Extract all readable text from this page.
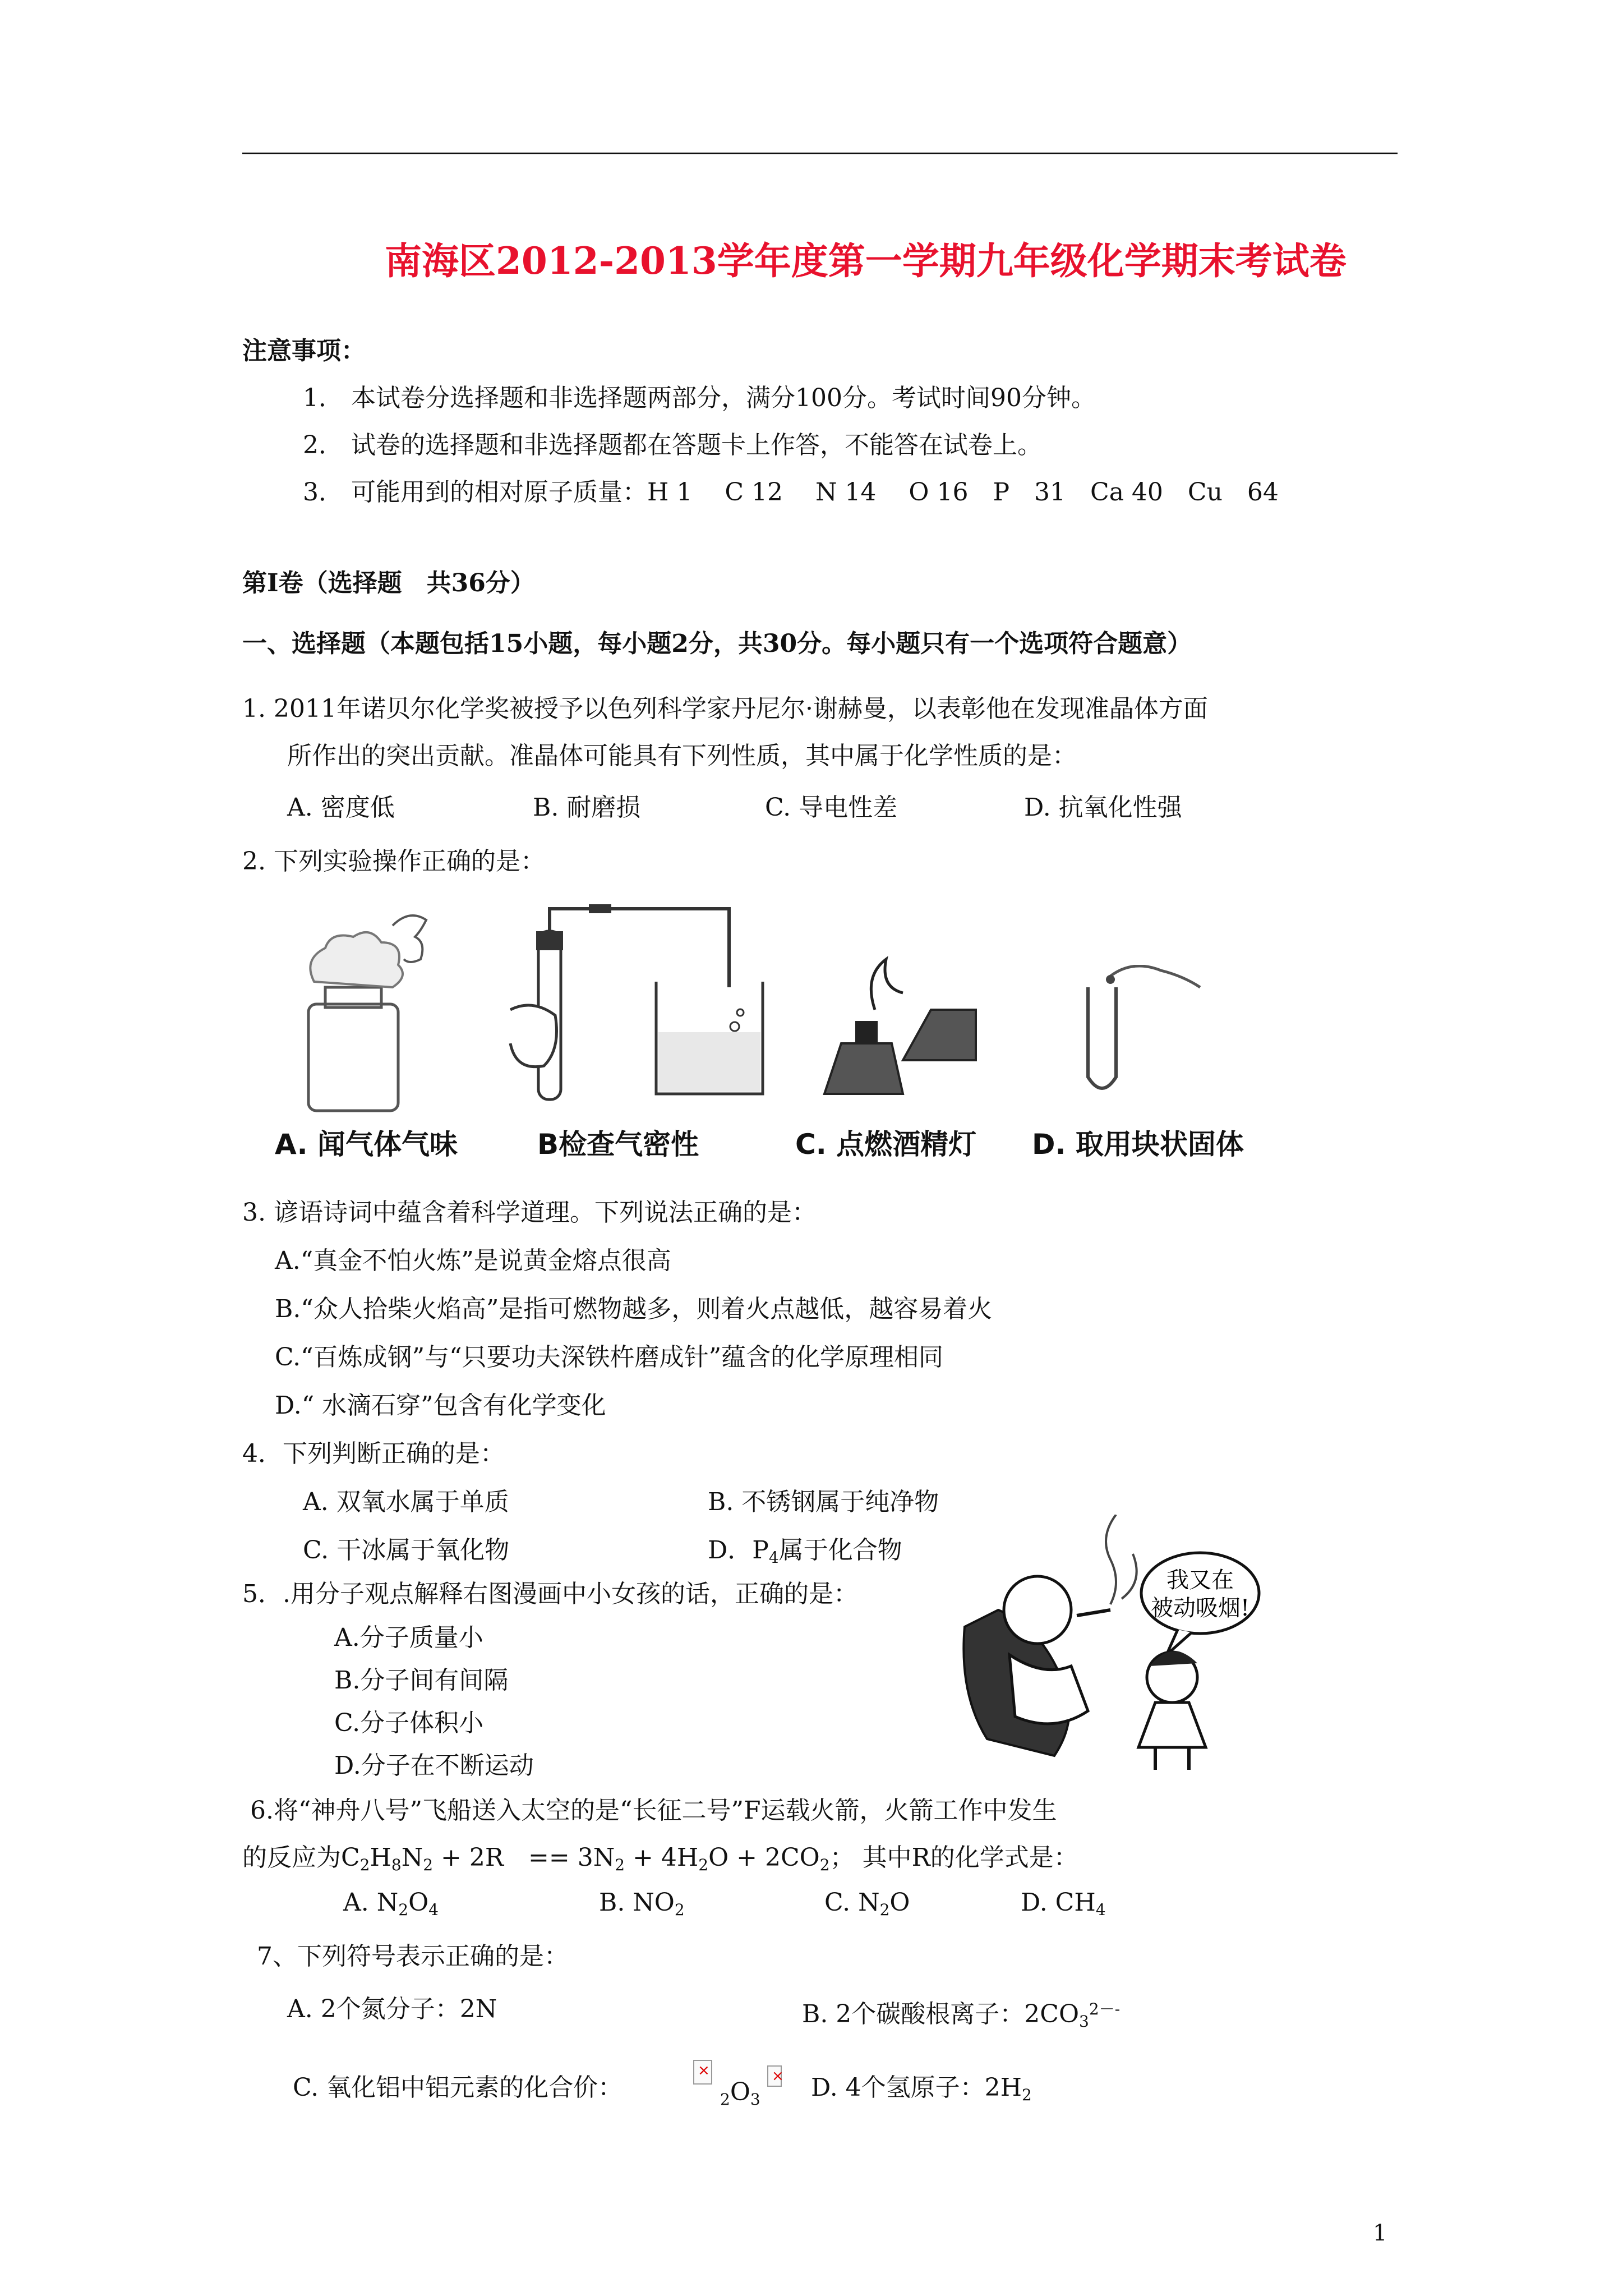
南海区2012-2013学年度第一学期九年级化学期末考试卷
注意事项：
1． 本试卷分选择题和非选择题两部分，满分100分。考试时间90分钟。
2． 试卷的选择题和非选择题都在答题卡上作答，不能答在试卷上。
3． 可能用到的相对原子质量：H 1　 C 12　 N 14　 O 16　P　31　Ca 40　Cu　64
第Ⅰ卷（选择题　共36分）
一、选择题（本题包括15小题，每小题2分，共30分。每小题只有一个选项符合题意）
1. 2011年诺贝尔化学奖被授予以色列科学家丹尼尔·谢赫曼，以表彰他在发现准晶体方面
所作出的突出贡献。准晶体可能具有下列性质，其中属于化学性质的是：
A. 密度低	B. 耐磨损	C. 导电性差	D. 抗氧化性强
2. 下列实验操作正确的是：
A. 闻气体气味	B检查气密性	C. 点燃酒精灯 D. 取用块状固体
3. 谚语诗词中蕴含着科学道理。下列说法正确的是：
A.“真金不怕火炼”是说黄金熔点很高
B.“众人拾柴火焰高”是指可燃物越多，则着火点越低，越容易着火
C.“百炼成钢”与“只要功夫深铁杵磨成针”蕴含的化学原理相同
D.“ 水滴石穿”包含有化学变化
4．下列判断正确的是：
A. 双氧水属于单质	B. 不锈钢属于纯净物
C. 干冰属于氧化物	D．$P_4$属于化合物
5．.用分子观点解释右图漫画中小女孩的话，正确的是：
A.分子质量小
B.分子间有间隔
C.分子体积小
D.分子在不断运动
我又在
被动吸烟!
6.将“神舟八号”飞船送入太空的是“长征二号”F运载火箭，火箭工作中发生
的反应为$C_2H_8N_2 + 2R$　== $3N_2 + 4H_2O + 2CO_2$； 其中R的化学式是：
A. $N_2O_4$	B. $NO_2$	C. $N_2O$	D. $CH_4$
7、下列符号表示正确的是：
A. 2个氮分子：2N	B. 2个碳酸根离子：$2CO_3^{2--}$
C. 氧化铝中铝元素的化合价：
×	$_2O_3$
× D. 4个氢原子：$2H_2$
1
